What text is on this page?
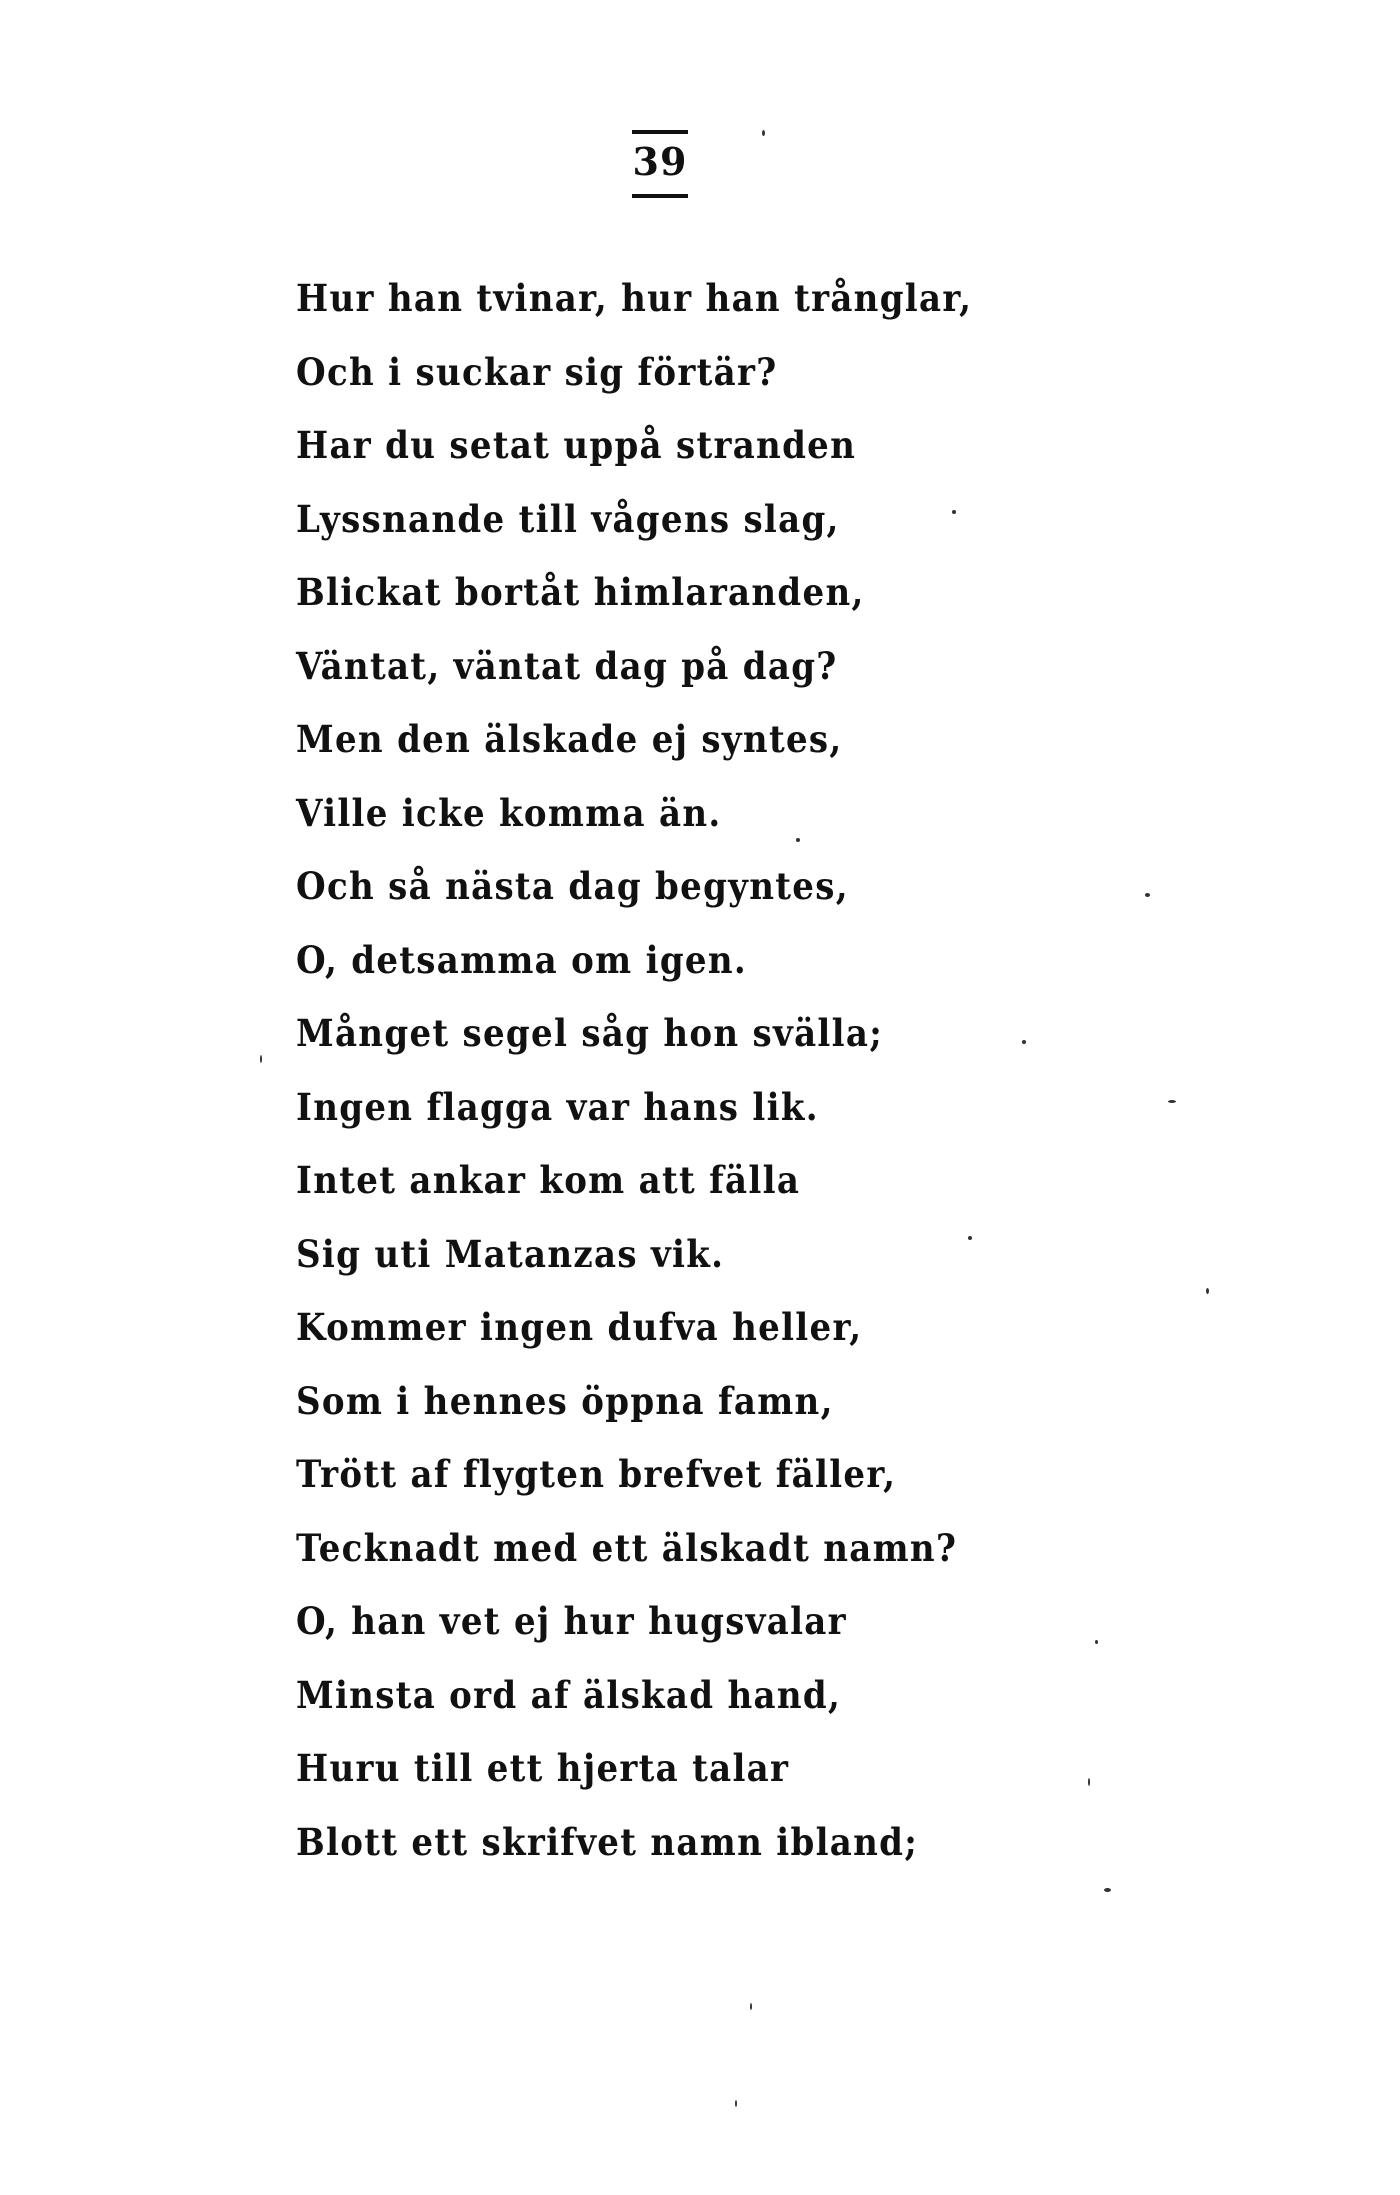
39
Hur han tvinar, hur han trånglar,
Och i suckar sig förtär?
Har du setat uppå stranden
Lyssnande till vågens slag,
Blickat bortåt himlaranden,
Väntat, väntat dag på dag?
Men den älskade ej syntes,
Ville icke komma än.
Och så nästa dag begyntes,
O, detsamma om igen.
Månget segel såg hon svälla;
Ingen flagga var hans lik.
Intet ankar kom att fälla
Sig uti Matanzas vik.
Kommer ingen dufva heller,
Som i hennes öppna famn,
Trött af flygten brefvet fäller,
Tecknadt med ett älskadt namn?
O, han vet ej hur hugsvalar
Minsta ord af älskad hand,
Huru till ett hjerta talar
Blott ett skrifvet namn ibland;
